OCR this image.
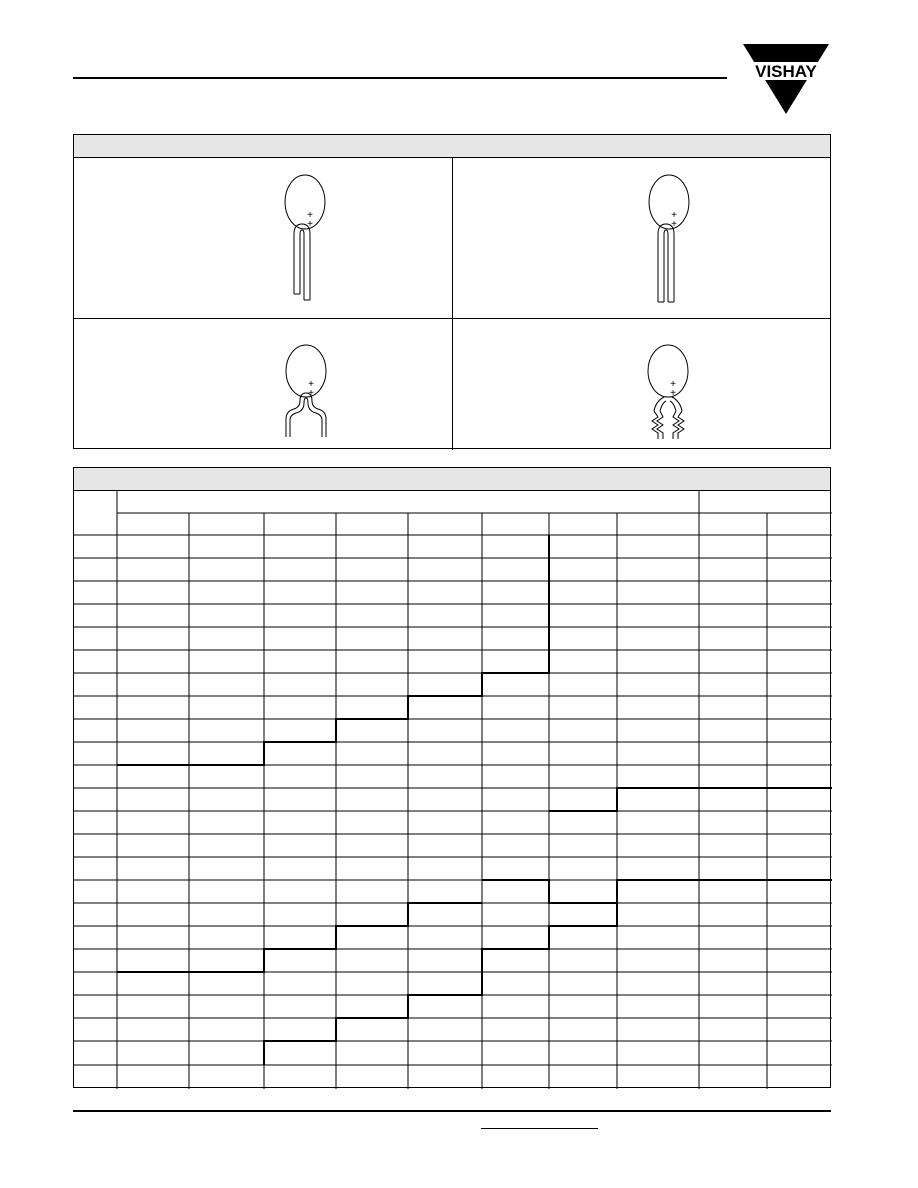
VISHAY
+
+
+
+
+
+
+
+
